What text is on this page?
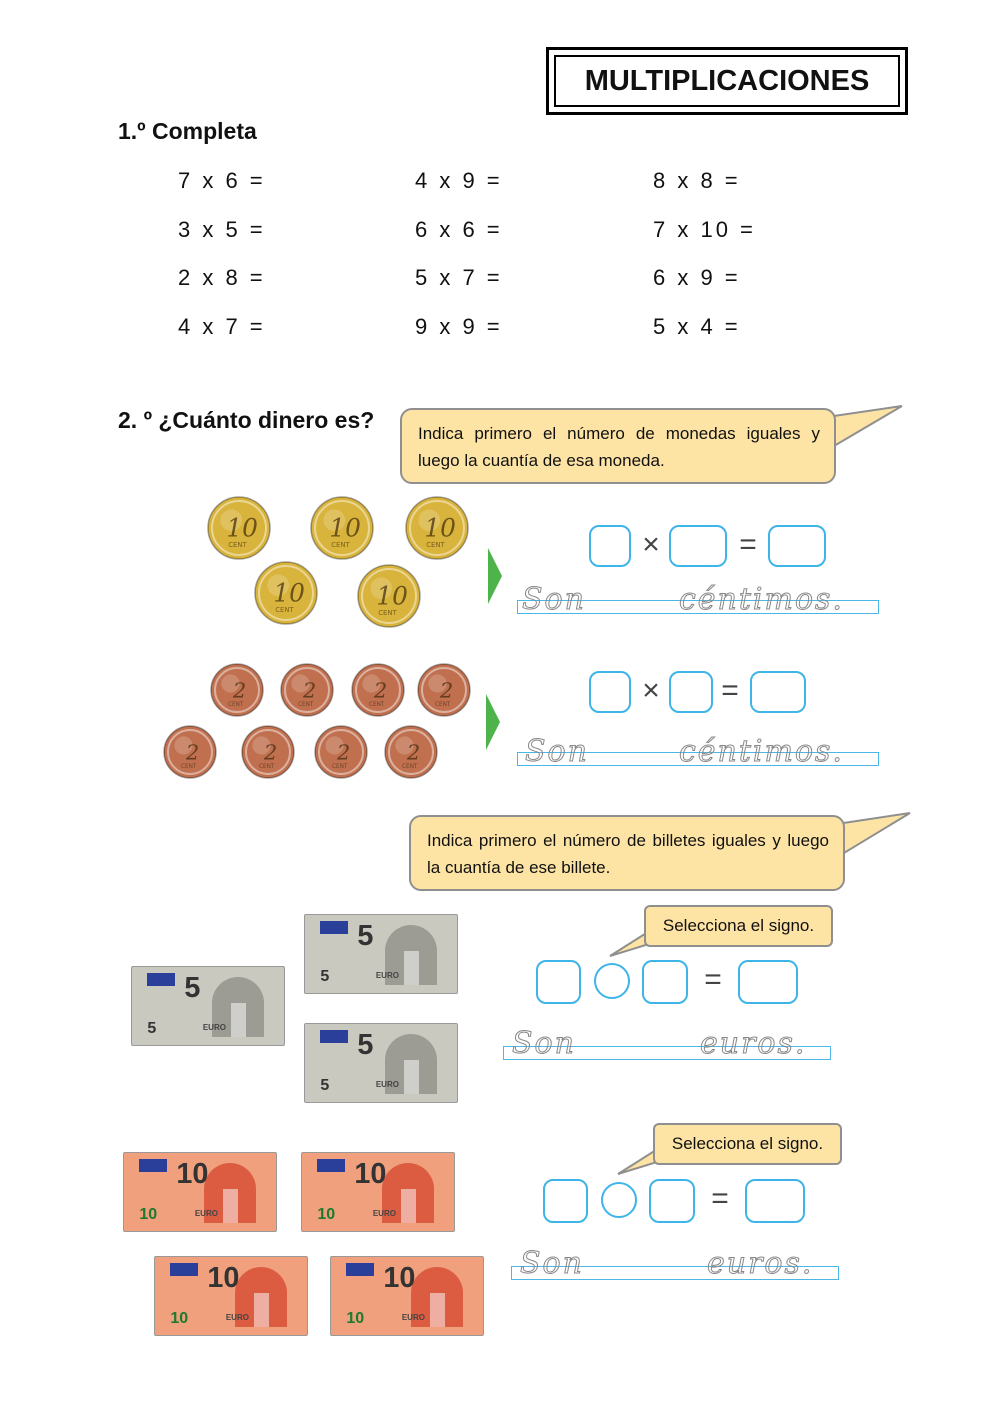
MULTIPLICACIONES
1.º Completa
7 x 6 =	4 x 9 =	8 x 8 =
3 x 5 =	6 x 6 =	7 x 10 =
2 x 8 =	5 x 7 =	6 x 9 =
4 x 7 =	9 x 9 =	5 x 4 =
2. º ¿Cuánto dinero es?
Indica primero el número de monedas iguales y luego la cuantía de esa moneda.
×	=
Son	céntimos.
× =
Son	céntimos.
Indica primero el número de billetes iguales y luego la cuantía de ese billete.
Selecciona el signo.
=
Son	euros.
Selecciona el signo.
=
Son	euros.
10
CENT
10
CENT
10
CENT
10
CENT	10
CENT
2
CENT
2
CENT
2
CENT
2
CENT
2
CENT
2
CENT
2
CENT
2
CENT
5
5	EURO
5
5	EURO
5
5	EURO
10
10	EURO
10
10	EURO
10
10	EURO
10
10	EURO
